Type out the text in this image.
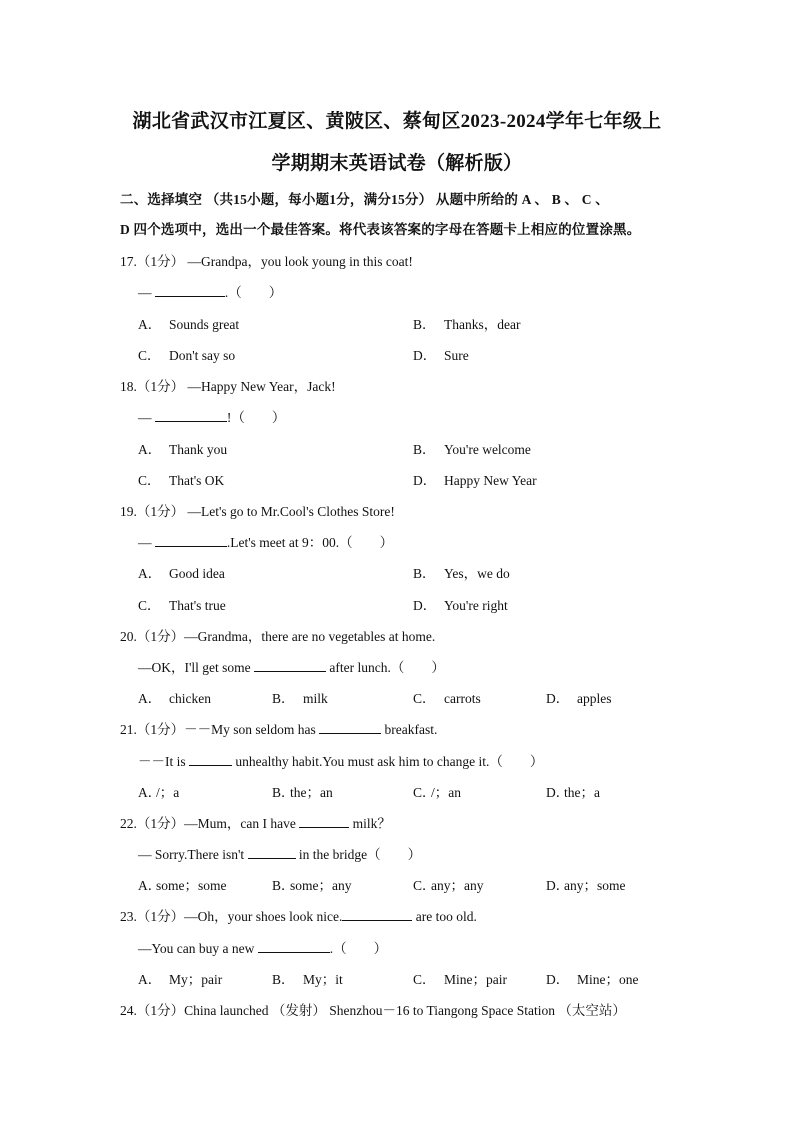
湖北省武汉市江夏区、黄陂区、蔡甸区2023-2024学年七年级上
学期期末英语试卷（解析版）
二、选择填空 （共15小题，每小题1分，满分15分） 从题中所给的 A 、 B 、 C 、
D 四个选项中，选出一个最佳答案。将代表该答案的字母在答题卡上相应的位置涂黑。
17.（1分） —Grandpa，you look young in this coat!
—	.（　　）
A． Sounds great	B． Thanks，dear
C． Don't say so	D． Sure
18.（1分） —Happy New Year，Jack!
—	!（　　）
A． Thank you	B． You're welcome
C． That's OK	D． Happy New Year
19.（1分） —Let's go to Mr.Cool's Clothes Store!
—	.Let's meet at 9：00.（　　）
A． Good idea	B． Yes，we do
C． That's true	D． You're right
20.（1分）—Grandma，there are no vegetables at home.
—OK，I'll get some	after lunch.（　　）
A． chicken	B． milk	C． carrots	D． apples
21.（1分）－－My son seldom has	breakfast.
－－It is	unhealthy habit.You must ask him to change it.（　　）
A．/；a	B．the；an	C．/；an	D．the；a
22.（1分）—Mum，can I have	milk？
— Sorry.There isn't	in the bridge（　　）
A．some；some	B．some；any	C．any；any	D．any；some
23.（1分）—Oh，your shoes look nice.	are too old.
—You can buy a new	.（　　）
A． My；pair	B． My；it	C． Mine；pair	D． Mine；one
24.（1分）China launched （发射） Shenzhou－16 to Tiangong Space Station （太空站）
